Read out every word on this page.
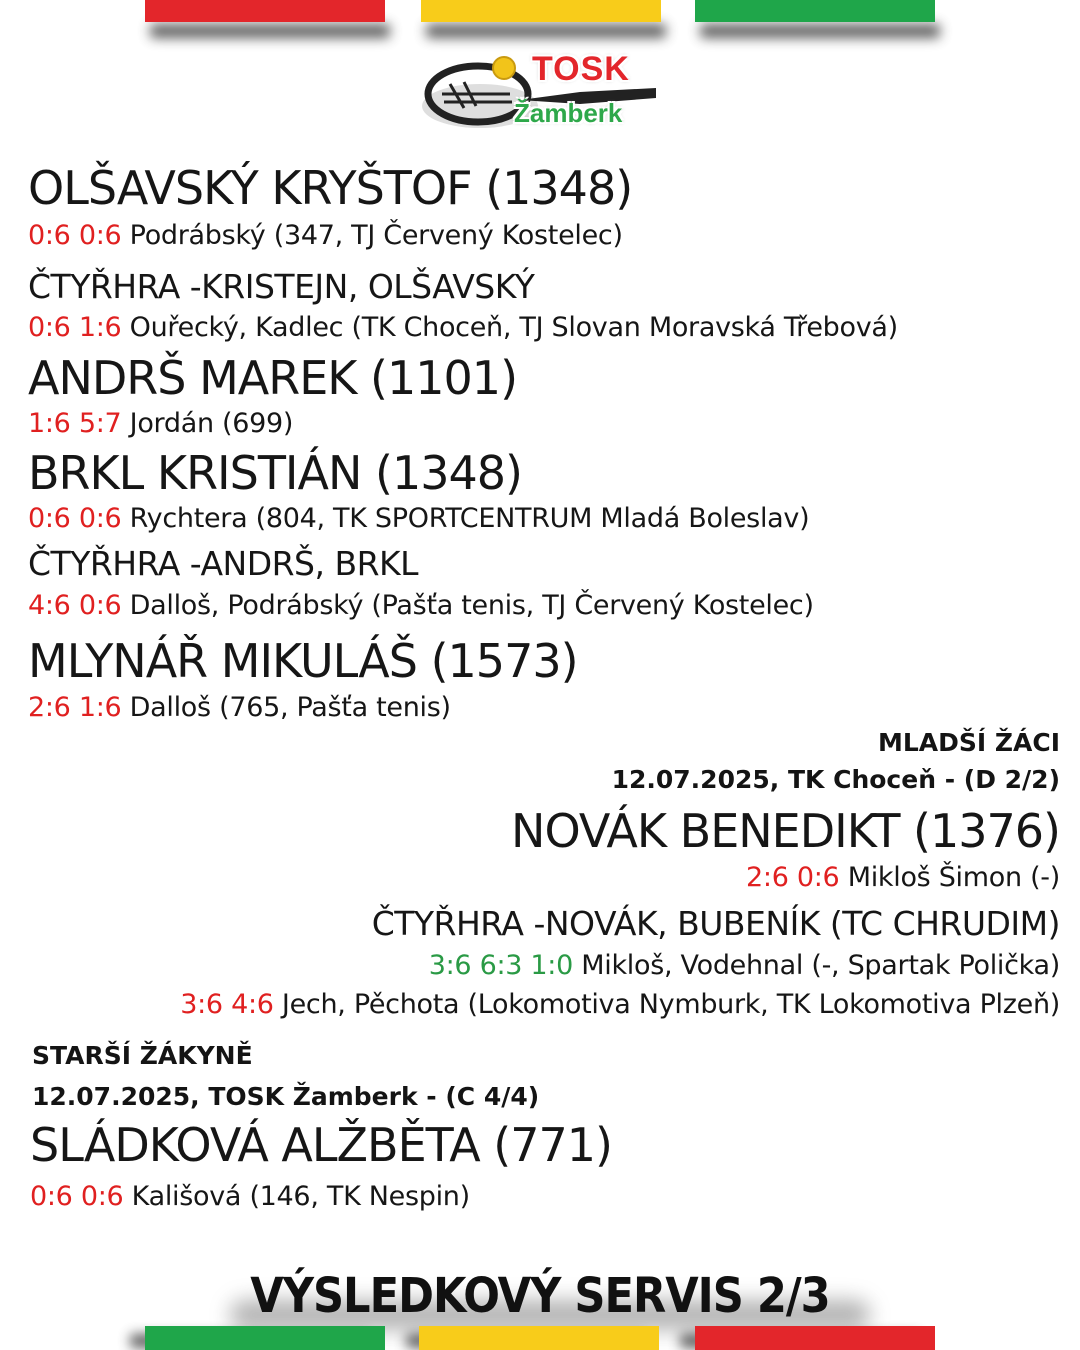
TOSK
Žamberk
OLŠAVSKÝ KRYŠTOF (1348)
0:6 0:6 Podrábský (347, TJ Červený Kostelec)
ČTYŘHRA -KRISTEJN, OLŠAVSKÝ
0:6 1:6 Ouřecký, Kadlec (TK Choceň, TJ Slovan Moravská Třebová)
ANDRŠ MAREK (1101)
1:6 5:7 Jordán (699)
BRKL KRISTIÁN (1348)
0:6 0:6 Rychtera (804, TK SPORTCENTRUM Mladá Boleslav)
ČTYŘHRA -ANDRŠ, BRKL
4:6 0:6 Dalloš, Podrábský (Pašťa tenis, TJ Červený Kostelec)
MLYNÁŘ MIKULÁŠ (1573)
2:6 1:6 Dalloš (765, Pašťa tenis)
MLADŠÍ ŽÁCI
12.07.2025, TK Choceň - (D 2/2)
NOVÁK BENEDIKT (1376)
2:6 0:6 Mikloš Šimon (-)
ČTYŘHRA -NOVÁK, BUBENÍK (TC CHRUDIM)
3:6 6:3 1:0 Mikloš, Vodehnal (-, Spartak Polička)
3:6 4:6 Jech, Pěchota (Lokomotiva Nymburk, TK Lokomotiva Plzeň)
STARŠÍ ŽÁKYNĚ
12.07.2025, TOSK Žamberk - (C 4/4)
SLÁDKOVÁ ALŽBĚTA (771)
0:6 0:6 Kališová (146, TK Nespin)
VÝSLEDKOVÝ SERVIS 2/3
